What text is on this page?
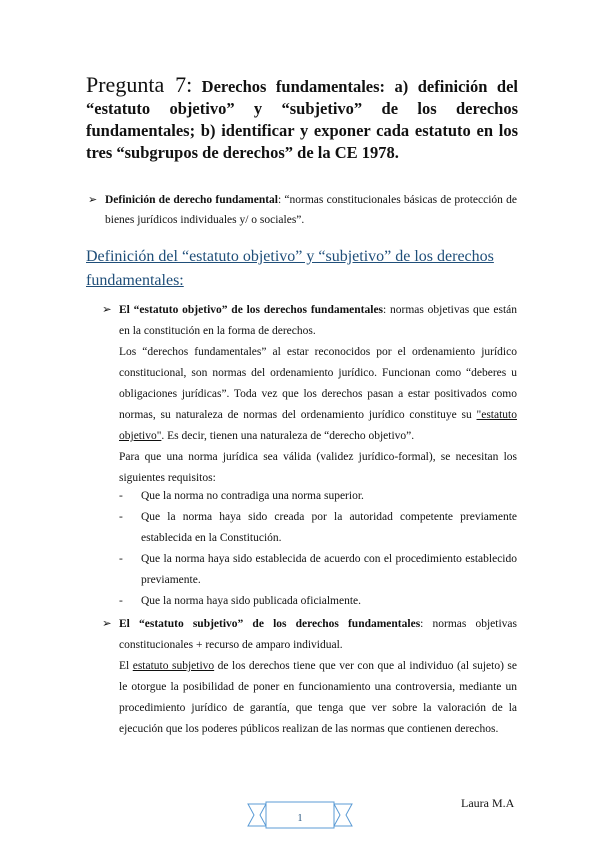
Pregunta 7: Derechos fundamentales: a) definición del “estatuto objetivo” y “subjetivo” de los derechos fundamentales; b) identificar y exponer cada estatuto en los tres “subgrupos de derechos” de la CE 1978.
➢ Definición de derecho fundamental: “normas constitucionales básicas de protección de bienes jurídicos individuales y/ o sociales”.
Definición del “estatuto objetivo” y “subjetivo” de los derechos fundamentales:
➢ El “estatuto objetivo” de los derechos fundamentales: normas objetivas que están en la constitución en la forma de derechos.
Los “derechos fundamentales” al estar reconocidos por el ordenamiento jurídico constitucional, son normas del ordenamiento jurídico. Funcionan como “deberes u obligaciones jurídicas”. Toda vez que los derechos pasan a estar positivados como normas, su naturaleza de normas del ordenamiento jurídico constituye su "estatuto objetivo". Es decir, tienen una naturaleza de “derecho objetivo”.
Para que una norma jurídica sea válida (validez jurídico-formal), se necesitan los siguientes requisitos:
- Que la norma no contradiga una norma superior.
- Que la norma haya sido creada por la autoridad competente previamente establecida en la Constitución.
- Que la norma haya sido establecida de acuerdo con el procedimiento establecido previamente.
- Que la norma haya sido publicada oficialmente.
➢ El “estatuto subjetivo” de los derechos fundamentales: normas objetivas constitucionales + recurso de amparo individual.
El estatuto subjetivo de los derechos tiene que ver con que al individuo (al sujeto) se le otorgue la posibilidad de poner en funcionamiento una controversia, mediante un procedimiento jurídico de garantía, que tenga que ver sobre la valoración de la ejecución que los poderes públicos realizan de las normas que contienen derechos.
1
Laura M.A
